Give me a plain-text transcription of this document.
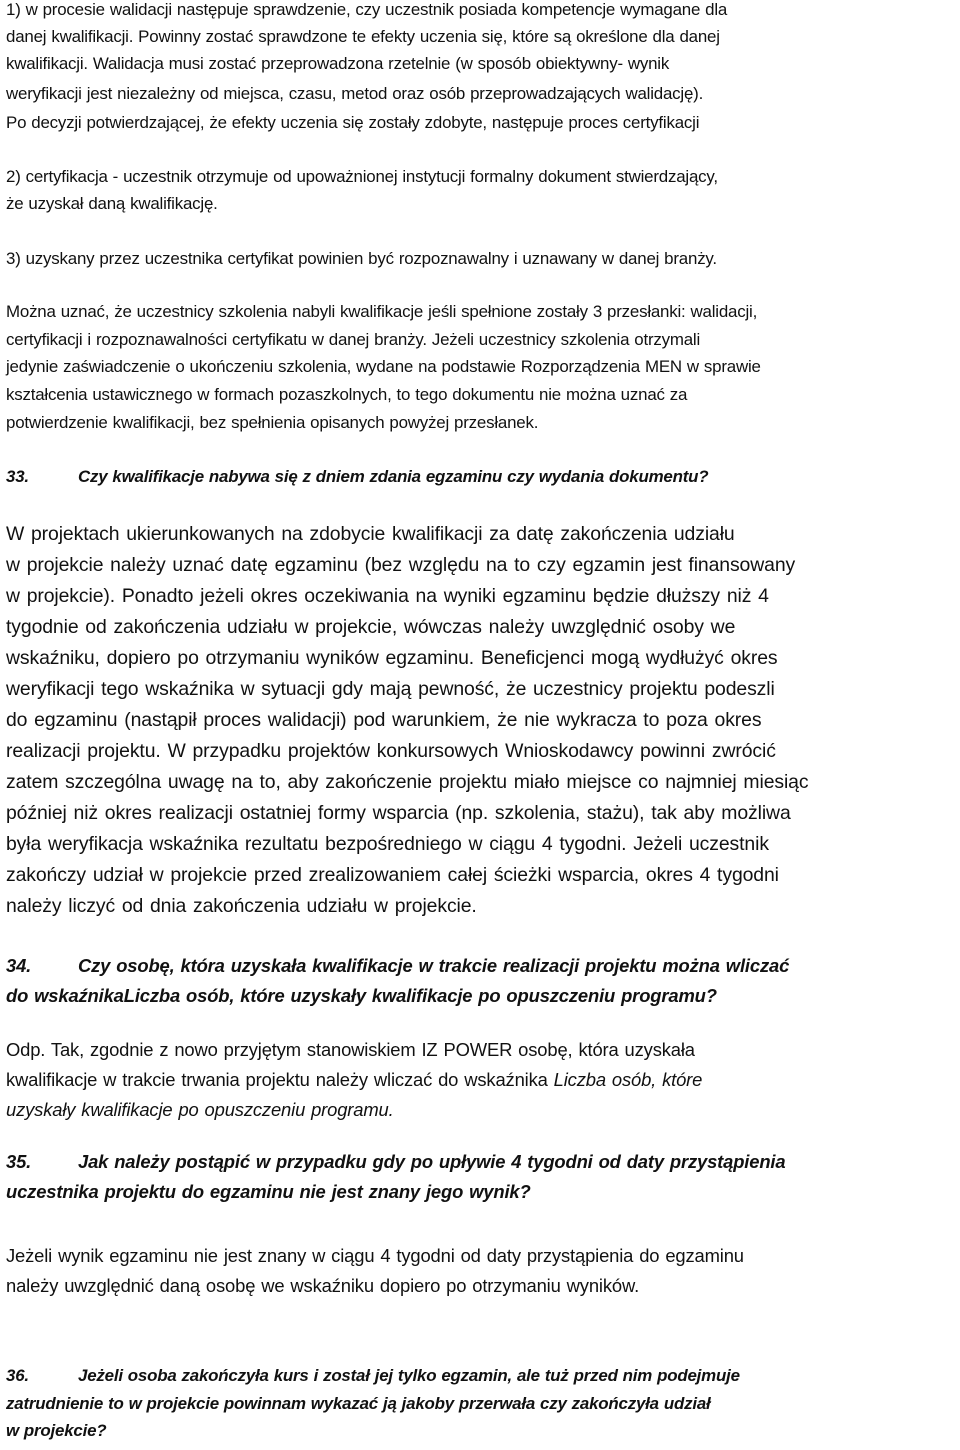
1) w procesie walidacji następuje sprawdzenie, czy uczestnik posiada kompetencje wymagane dla
danej kwalifikacji. Powinny zostać sprawdzone te efekty uczenia się, które są określone dla danej
kwalifikacji. Walidacja musi zostać przeprowadzona rzetelnie (w sposób obiektywny- wynik
weryfikacji jest niezależny od miejsca, czasu, metod oraz osób przeprowadzających walidację).
Po decyzji potwierdzającej, że efekty uczenia się zostały zdobyte, następuje proces certyfikacji
2) certyfikacja - uczestnik otrzymuje od upoważnionej instytucji formalny dokument stwierdzający,
że uzyskał daną kwalifikację.
3) uzyskany przez uczestnika certyfikat powinien być rozpoznawalny i uznawany w danej branży.
Można uznać, że uczestnicy szkolenia nabyli kwalifikacje jeśli spełnione zostały 3 przesłanki: walidacji,
certyfikacji i rozpoznawalności certyfikatu w danej branży. Jeżeli uczestnicy szkolenia otrzymali
jedynie zaświadczenie o ukończeniu szkolenia, wydane na podstawie Rozporządzenia MEN w sprawie
kształcenia ustawicznego w formach pozaszkolnych, to tego dokumentu nie można uznać za
potwierdzenie kwalifikacji, bez spełnienia opisanych powyżej przesłanek.
33.	Czy kwalifikacje nabywa się z dniem zdania egzaminu czy wydania dokumentu?
W projektach ukierunkowanych na zdobycie kwalifikacji za datę zakończenia udziału
w projekcie należy uznać datę egzaminu (bez względu na to czy egzamin jest finansowany
w projekcie). Ponadto jeżeli okres oczekiwania na wyniki egzaminu będzie dłuższy niż 4
tygodnie od zakończenia udziału w projekcie, wówczas należy uwzględnić osoby we
wskaźniku, dopiero po otrzymaniu wyników egzaminu. Beneficjenci mogą wydłużyć okres
weryfikacji tego wskaźnika w sytuacji gdy mają pewność, że uczestnicy projektu podeszli
do egzaminu (nastąpił proces walidacji) pod warunkiem, że nie wykracza to poza okres
realizacji projektu. W przypadku projektów konkursowych Wnioskodawcy powinni zwrócić
zatem szczególna uwagę na to, aby zakończenie projektu miało miejsce co najmniej miesiąc
później niż okres realizacji ostatniej formy wsparcia (np. szkolenia, stażu), tak aby możliwa
była weryfikacja wskaźnika rezultatu bezpośredniego w ciągu 4 tygodni. Jeżeli uczestnik
zakończy udział w projekcie przed zrealizowaniem całej ścieżki wsparcia, okres 4 tygodni
należy liczyć od dnia zakończenia udziału w projekcie.
34.	Czy osobę, która uzyskała kwalifikacje w trakcie realizacji projektu można wliczać
do wskaźnikaLiczba osób, które uzyskały kwalifikacje po opuszczeniu programu?
Odp. Tak, zgodnie z nowo przyjętym stanowiskiem IZ POWER osobę, która uzyskała
kwalifikacje w trakcie trwania projektu należy wliczać do wskaźnika Liczba osób, które
uzyskały kwalifikacje po opuszczeniu programu.
35.	Jak należy postąpić w przypadku gdy po upływie 4 tygodni od daty przystąpienia
uczestnika projektu do egzaminu nie jest znany jego wynik?
Jeżeli wynik egzaminu nie jest znany w ciągu 4 tygodni od daty przystąpienia do egzaminu
należy uwzględnić daną osobę we wskaźniku dopiero po otrzymaniu wyników.
36.	Jeżeli osoba zakończyła kurs i został jej tylko egzamin, ale tuż przed nim podejmuje
zatrudnienie to w projekcie powinnam wykazać ją jakoby przerwała czy zakończyła udział
w projekcie?
